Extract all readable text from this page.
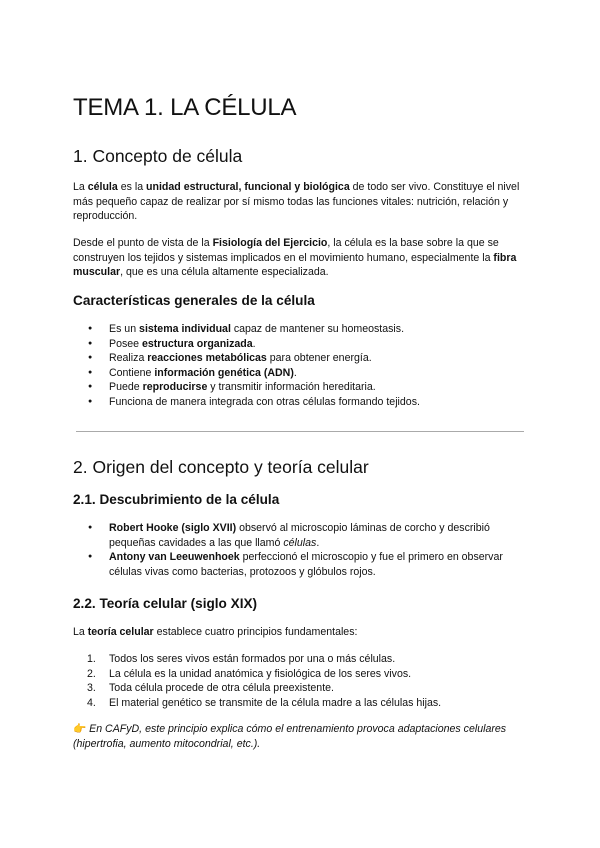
TEMA 1. LA CÉLULA
1. Concepto de célula

La célula es la unidad estructural, funcional y biológica de todo ser vivo. Constituye el nivel más pequeño capaz de realizar por sí mismo todas las funciones vitales: nutrición, relación y reproducción.

Desde el punto de vista de la Fisiología del Ejercicio, la célula es la base sobre la que se construyen los tejidos y sistemas implicados en el movimiento humano, especialmente la fibra muscular, que es una célula altamente especializada.

Características generales de la célula
● Es un sistema individual capaz de mantener su homeostasis.
● Posee estructura organizada.
● Realiza reacciones metabólicas para obtener energía.
● Contiene información genética (ADN).
● Puede reproducirse y transmitir información hereditaria.
● Funciona de manera integrada con otras células formando tejidos.
2. Origen del concepto y teoría celular
2.1. Descubrimiento de la célula
● Robert Hooke (siglo XVII) observó al microscopio láminas de corcho y describió pequeñas cavidades a las que llamó células.
● Antony van Leeuwenhoek perfeccionó el microscopio y fue el primero en observar células vivas como bacterias, protozoos y glóbulos rojos.
2.2. Teoría celular (siglo XIX)

La teoría celular establece cuatro principios fundamentales:

1. Todos los seres vivos están formados por una o más células.
2. La célula es la unidad anatómica y fisiológica de los seres vivos.
3. Toda célula procede de otra célula preexistente.
4. El material genético se transmite de la célula madre a las células hijas.

👉 En CAFyD, este principio explica cómo el entrenamiento provoca adaptaciones celulares (hipertrofia, aumento mitocondrial, etc.).
